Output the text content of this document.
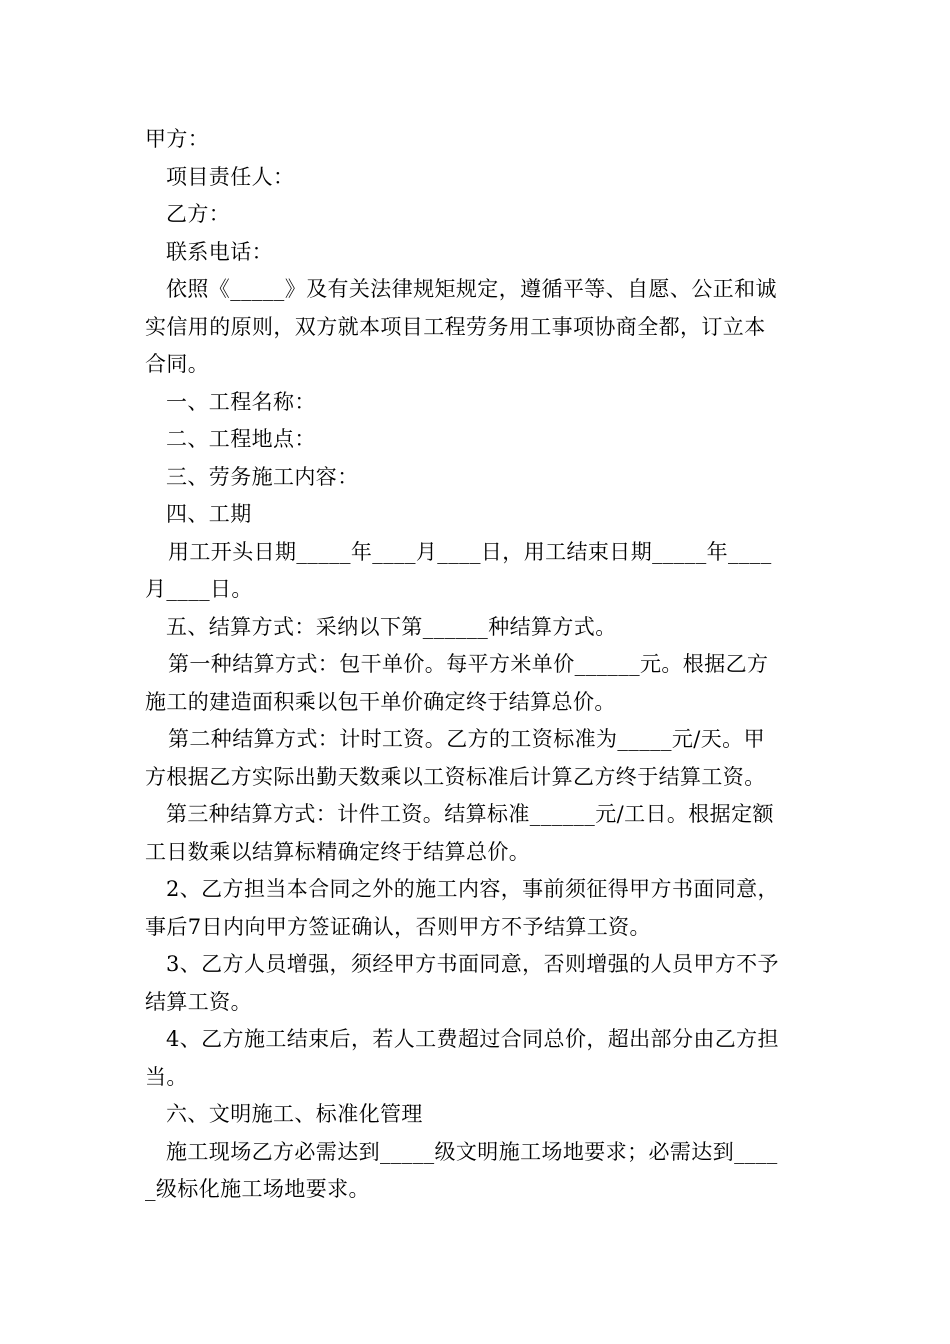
甲方：
项目责任人：
乙方：
联系电话：
依照《_____》及有关法律规矩规定，遵循平等、自愿、公正和诚
实信用的原则，双方就本项目工程劳务用工事项协商全都，订立本
合同。
一、工程名称：
二、工程地点：
三、劳务施工内容：
四、工期
用工开头日期_____年____月____日，用工结束日期_____年____
月____日。
五、结算方式：采纳以下第______种结算方式。
第一种结算方式：包干单价。每平方米单价______元。根据乙方
施工的建造面积乘以包干单价确定终于结算总价。
第二种结算方式：计时工资。乙方的工资标准为_____元/天。甲
方根据乙方实际出勤天数乘以工资标准后计算乙方终于结算工资。
第三种结算方式：计件工资。结算标准______元/工日。根据定额
工日数乘以结算标精确定终于结算总价。
2、乙方担当本合同之外的施工内容，事前须征得甲方书面同意，
事后7日内向甲方签证确认，否则甲方不予结算工资。
3、乙方人员增强，须经甲方书面同意，否则增强的人员甲方不予
结算工资。
4、乙方施工结束后，若人工费超过合同总价，超出部分由乙方担
当。
六、文明施工、标准化管理
施工现场乙方必需达到_____级文明施工场地要求；必需达到____
_级标化施工场地要求。
